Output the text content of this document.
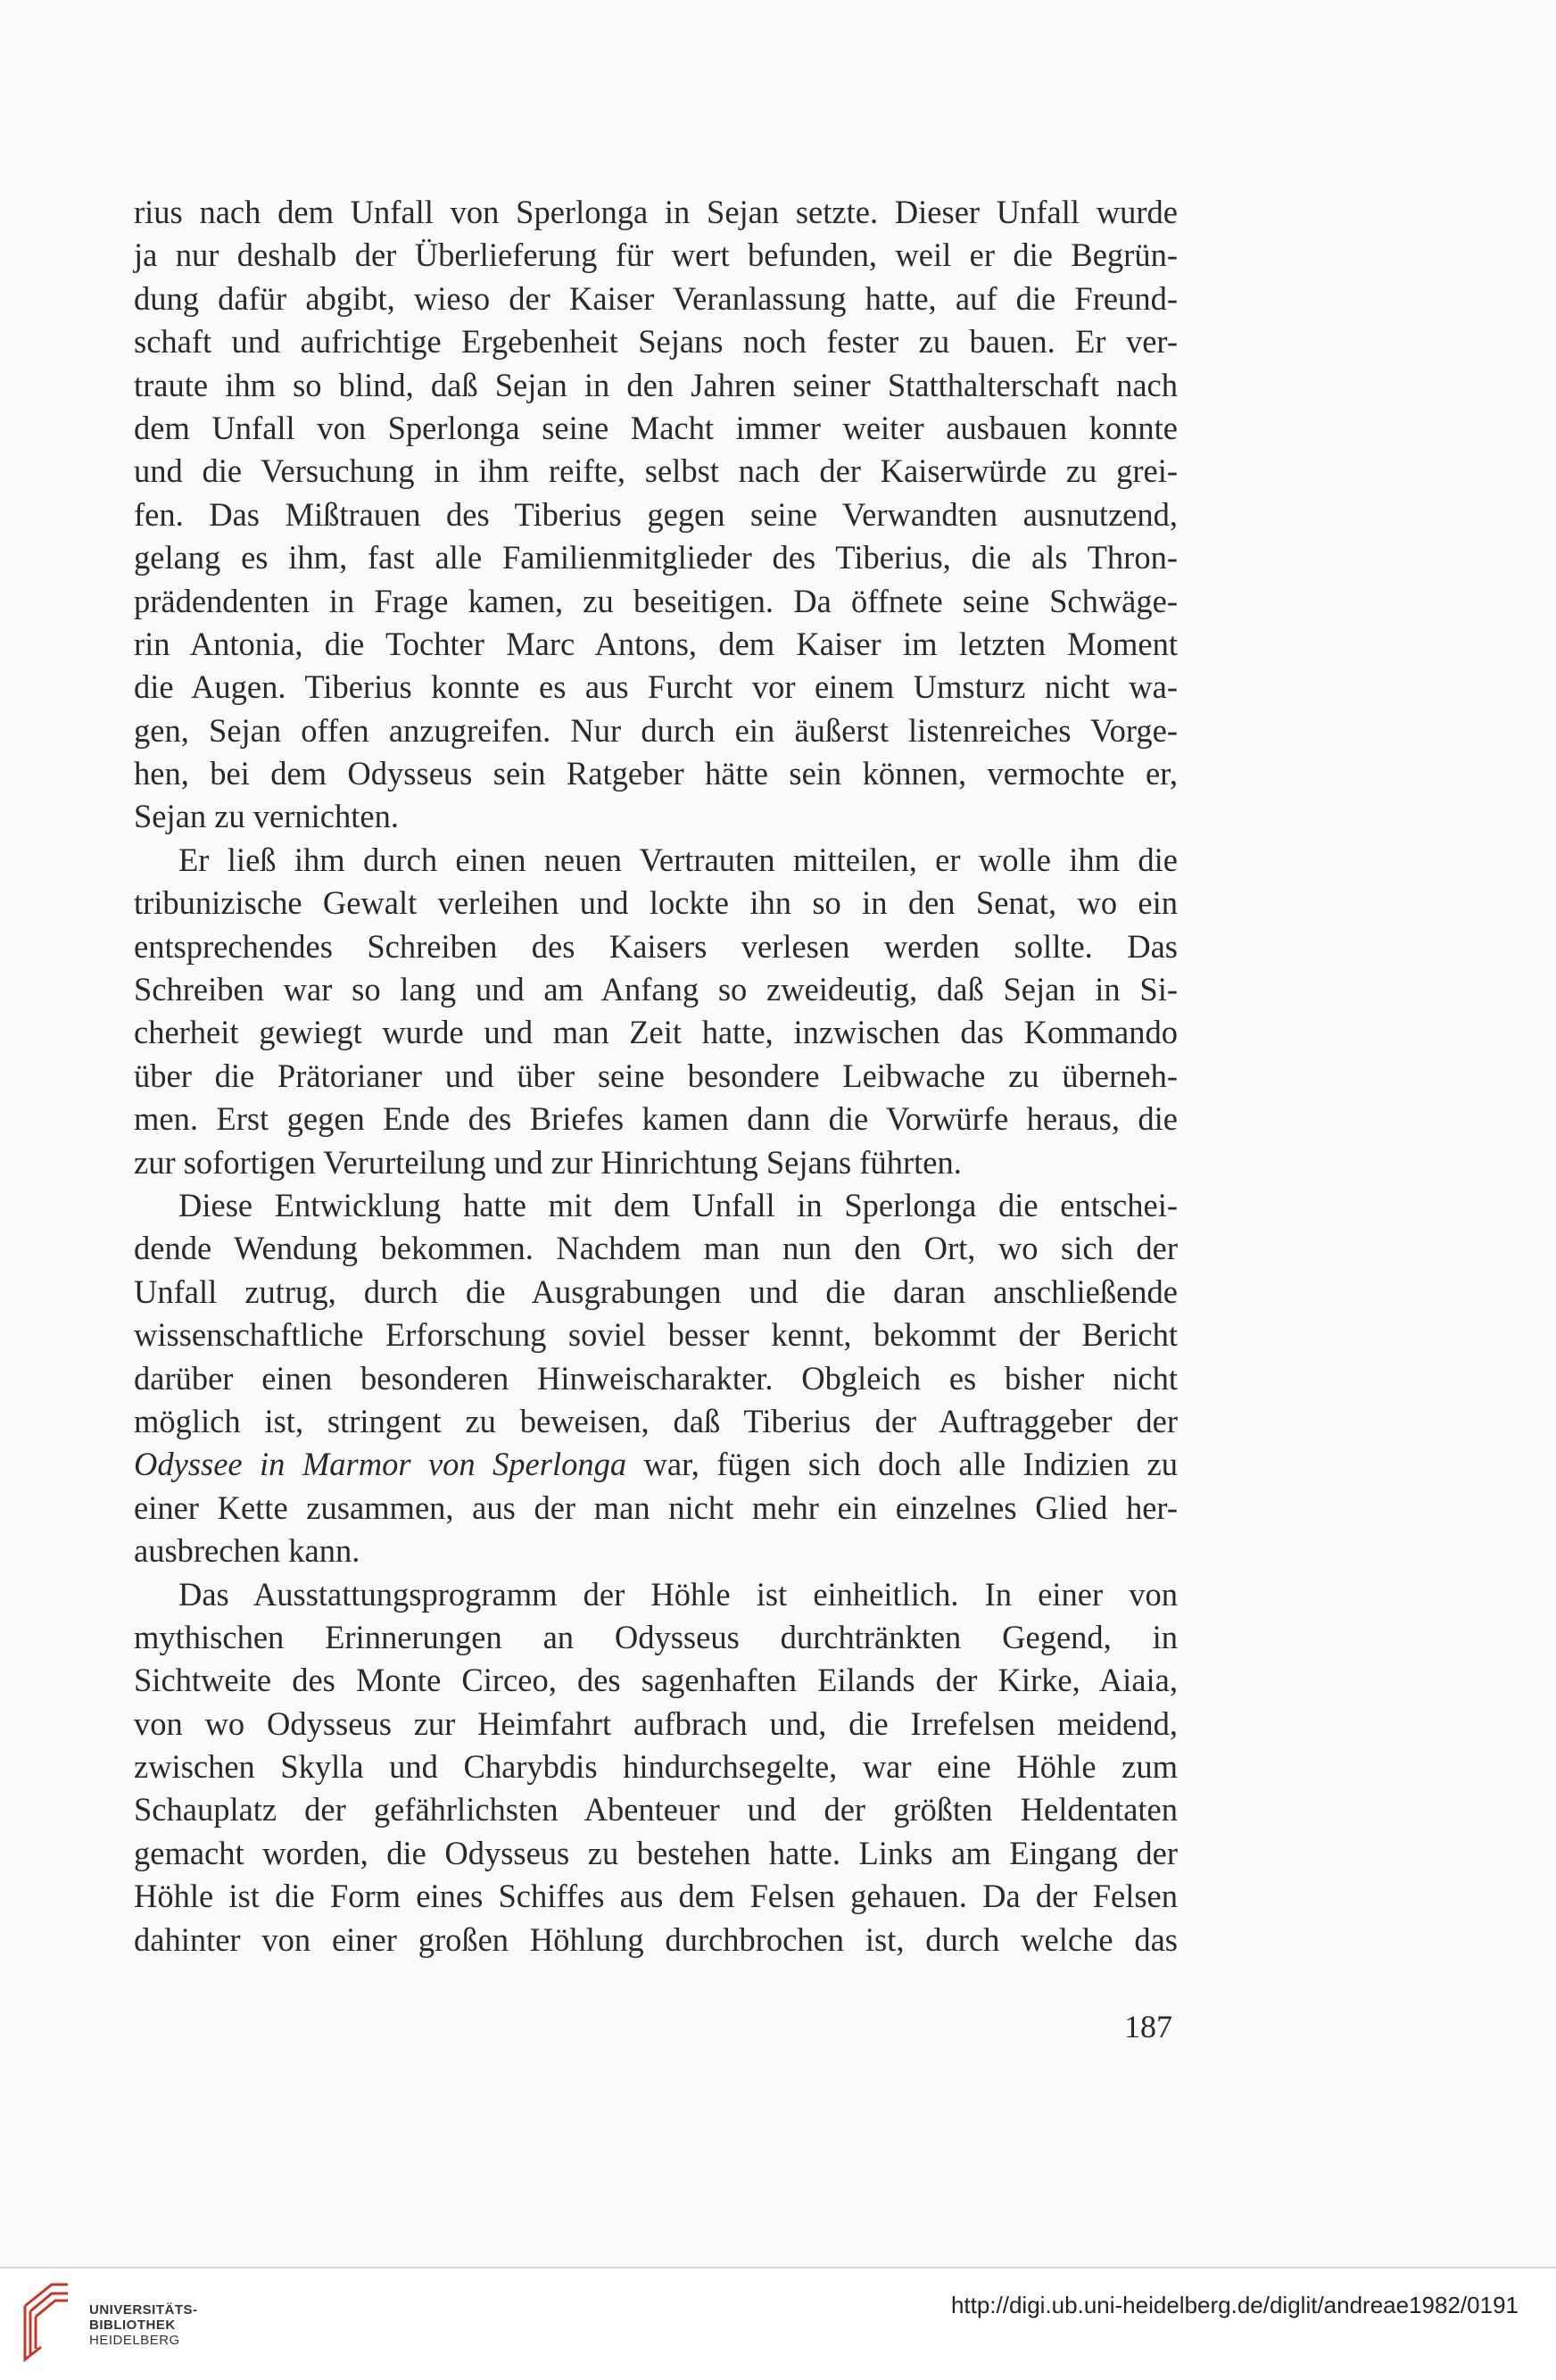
rius nach dem Unfall von Sperlonga in Sejan setzte. Dieser Unfall wurde
ja nur deshalb der Überlieferung für wert befunden, weil er die Begrün-
dung dafür abgibt, wieso der Kaiser Veranlassung hatte, auf die Freund-
schaft und aufrichtige Ergebenheit Sejans noch fester zu bauen. Er ver-
traute ihm so blind, daß Sejan in den Jahren seiner Statthalterschaft nach
dem Unfall von Sperlonga seine Macht immer weiter ausbauen konnte
und die Versuchung in ihm reifte, selbst nach der Kaiserwürde zu grei-
fen. Das Mißtrauen des Tiberius gegen seine Verwandten ausnutzend,
gelang es ihm, fast alle Familienmitglieder des Tiberius, die als Thron-
prädendenten in Frage kamen, zu beseitigen. Da öffnete seine Schwäge-
rin Antonia, die Tochter Marc Antons, dem Kaiser im letzten Moment
die Augen. Tiberius konnte es aus Furcht vor einem Umsturz nicht wa-
gen, Sejan offen anzugreifen. Nur durch ein äußerst listenreiches Vorge-
hen, bei dem Odysseus sein Ratgeber hätte sein können, vermochte er,
Sejan zu vernichten.
Er ließ ihm durch einen neuen Vertrauten mitteilen, er wolle ihm die
tribunizische Gewalt verleihen und lockte ihn so in den Senat, wo ein
entsprechendes Schreiben des Kaisers verlesen werden sollte. Das
Schreiben war so lang und am Anfang so zweideutig, daß Sejan in Si-
cherheit gewiegt wurde und man Zeit hatte, inzwischen das Kommando
über die Prätorianer und über seine besondere Leibwache zu überneh-
men. Erst gegen Ende des Briefes kamen dann die Vorwürfe heraus, die
zur sofortigen Verurteilung und zur Hinrichtung Sejans führten.
Diese Entwicklung hatte mit dem Unfall in Sperlonga die entschei-
dende Wendung bekommen. Nachdem man nun den Ort, wo sich der
Unfall zutrug, durch die Ausgrabungen und die daran anschließende
wissenschaftliche Erforschung soviel besser kennt, bekommt der Bericht
darüber einen besonderen Hinweischarakter. Obgleich es bisher nicht
möglich ist, stringent zu beweisen, daß Tiberius der Auftraggeber der
Odyssee in Marmor von Sperlonga war, fügen sich doch alle Indizien zu
einer Kette zusammen, aus der man nicht mehr ein einzelnes Glied her-
ausbrechen kann.
Das Ausstattungsprogramm der Höhle ist einheitlich. In einer von
mythischen Erinnerungen an Odysseus durchtränkten Gegend, in
Sichtweite des Monte Circeo, des sagenhaften Eilands der Kirke, Aiaia,
von wo Odysseus zur Heimfahrt aufbrach und, die Irrefelsen meidend,
zwischen Skylla und Charybdis hindurchsegelte, war eine Höhle zum
Schauplatz der gefährlichsten Abenteuer und der größten Heldentaten
gemacht worden, die Odysseus zu bestehen hatte. Links am Eingang der
Höhle ist die Form eines Schiffes aus dem Felsen gehauen. Da der Felsen
dahinter von einer großen Höhlung durchbrochen ist, durch welche das
187
UNIVERSITÄTS-
BIBLIOTHEK
HEIDELBERG
http://digi.ub.uni-heidelberg.de/diglit/andreae1982/0191
